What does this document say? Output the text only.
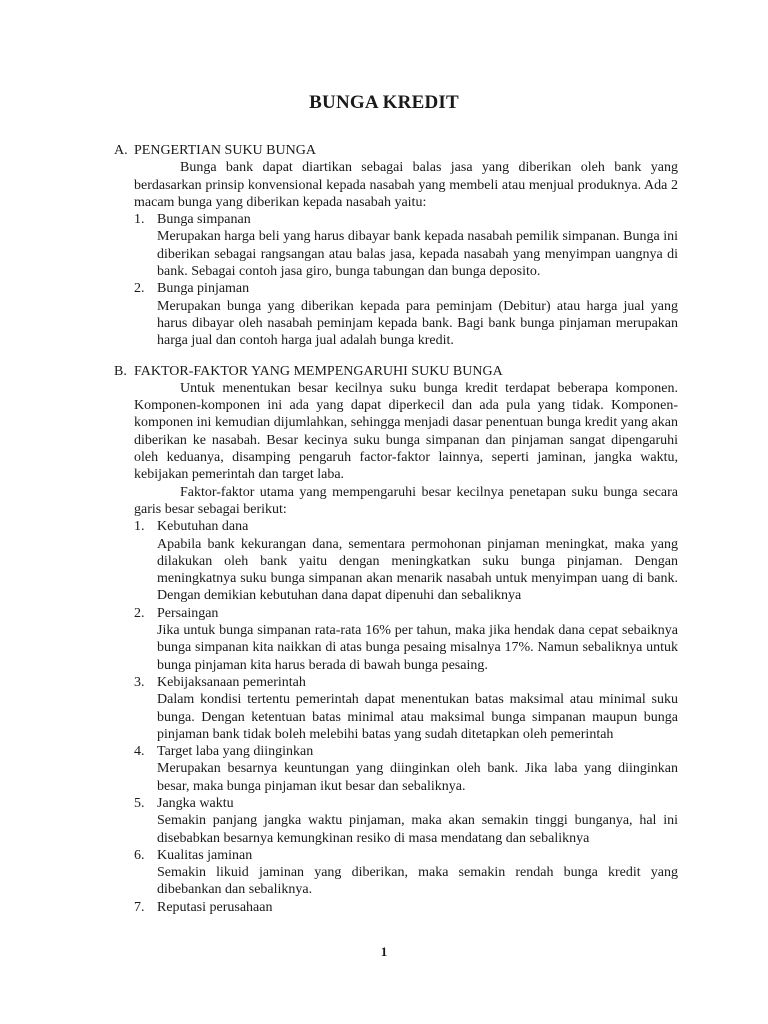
BUNGA KREDIT
A. PENGERTIAN SUKU BUNGA

Bunga bank dapat diartikan sebagai balas jasa yang diberikan oleh bank yang berdasarkan prinsip konvensional kepada nasabah yang membeli atau menjual produknya. Ada 2 macam bunga yang diberikan kepada nasabah yaitu:

1. Bunga simpanan

Merupakan harga beli yang harus dibayar bank kepada nasabah pemilik simpanan. Bunga ini diberikan sebagai rangsangan atau balas jasa, kepada nasabah yang menyimpan uangnya di bank. Sebagai contoh jasa giro, bunga tabungan dan bunga deposito.

2. Bunga pinjaman

Merupakan bunga yang diberikan kepada para peminjam (Debitur) atau harga jual yang harus dibayar oleh nasabah peminjam kepada bank. Bagi bank bunga pinjaman merupakan harga jual dan contoh harga jual adalah bunga kredit.

B. FAKTOR-FAKTOR YANG MEMPENGARUHI SUKU BUNGA

Untuk menentukan besar kecilnya suku bunga kredit terdapat beberapa komponen. Komponen-komponen ini ada yang dapat diperkecil dan ada pula yang tidak. Komponen-komponen ini kemudian dijumlahkan, sehingga menjadi dasar penentuan bunga kredit yang akan diberikan ke nasabah. Besar kecinya suku bunga simpanan dan pinjaman sangat dipengaruhi oleh keduanya, disamping pengaruh factor-faktor lainnya, seperti jaminan, jangka waktu, kebijakan pemerintah dan target laba.

Faktor-faktor utama yang mempengaruhi besar kecilnya penetapan suku bunga secara garis besar sebagai berikut:

1. Kebutuhan dana

Apabila bank kekurangan dana, sementara permohonan pinjaman meningkat, maka yang dilakukan oleh bank yaitu dengan meningkatkan suku bunga pinjaman. Dengan meningkatnya suku bunga simpanan akan menarik nasabah untuk menyimpan uang di bank. Dengan demikian kebutuhan dana dapat dipenuhi dan sebaliknya

2. Persaingan

Jika untuk bunga simpanan rata-rata 16% per tahun, maka jika hendak dana cepat sebaiknya bunga simpanan kita naikkan di atas bunga pesaing misalnya 17%. Namun sebaliknya untuk bunga pinjaman kita harus berada di bawah bunga pesaing.

3. Kebijaksanaan pemerintah

Dalam kondisi tertentu pemerintah dapat menentukan batas maksimal atau minimal suku bunga. Dengan ketentuan batas minimal atau maksimal bunga simpanan maupun bunga pinjaman bank tidak boleh melebihi batas yang sudah ditetapkan oleh pemerintah

4. Target laba yang diinginkan

Merupakan besarnya keuntungan yang diinginkan oleh bank. Jika laba yang diinginkan besar, maka bunga pinjaman ikut besar dan sebaliknya.

5. Jangka waktu

Semakin panjang jangka waktu pinjaman, maka akan semakin tinggi bunganya, hal ini disebabkan besarnya kemungkinan resiko di masa mendatang dan sebaliknya

6. Kualitas jaminan

Semakin likuid jaminan yang diberikan, maka semakin rendah bunga kredit yang dibebankan dan sebaliknya.

7. Reputasi perusahaan
1
